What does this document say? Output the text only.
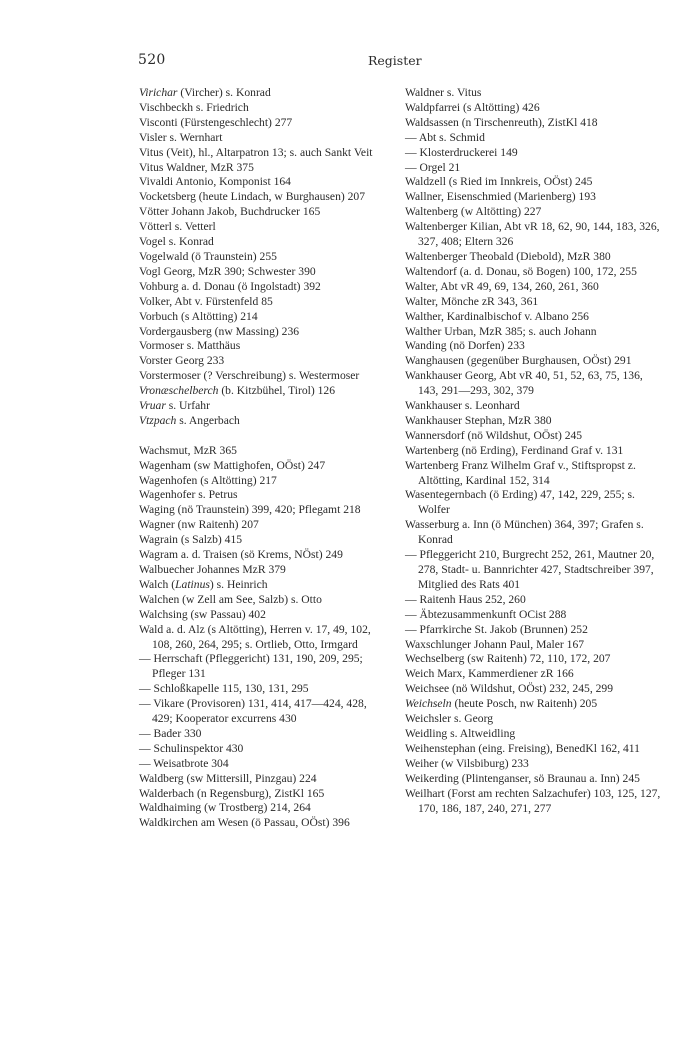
520	Register

Virichar (Vircher) s. Konrad

Vischbeckh s. Friedrich

Visconti (Fürstengeschlecht) 277

Visler s. Wernhart

Vitus (Veit), hl., Altarpatron 13; s. auch Sankt Veit

Vitus Waldner, MzR 375

Vivaldi Antonio, Komponist 164

Vocketsberg (heute Lindach, w Burghausen) 207

Vötter Johann Jakob, Buchdrucker 165

Vötterl s. Vetterl

Vogel s. Konrad

Vogelwald (ö Traunstein) 255

Vogl Georg, MzR 390; Schwester 390

Vohburg a. d. Donau (ö Ingolstadt) 392

Volker, Abt v. Fürstenfeld 85

Vorbuch (s Altötting) 214

Vordergausberg (nw Massing) 236

Vormoser s. Matthäus

Vorster Georg 233

Vorstermoser (? Verschreibung) s. Westermoser

Vronæschelberch (b. Kitzbühel, Tirol) 126

Vruar s. Urfahr

Vtzpach s. Angerbach

Wachsmut, MzR 365

Wagenham (sw Mattighofen, OÖst) 247

Wagenhofen (s Altötting) 217

Wagenhofer s. Petrus

Waging (nö Traunstein) 399, 420; Pflegamt 218

Wagner (nw Raitenh) 207

Wagrain (s Salzb) 415

Wagram a. d. Traisen (sö Krems, NÖst) 249

Walbuecher Johannes MzR 379

Walch (Latinus) s. Heinrich

Walchen (w Zell am See, Salzb) s. Otto

Walchsing (sw Passau) 402

Wald a. d. Alz (s Altötting), Herren v. 17, 49, 102, 108, 260, 264, 295; s. Ortlieb, Otto, Irmgard

— Herrschaft (Pfleggericht) 131, 190, 209, 295; Pfleger 131

— Schloßkapelle 115, 130, 131, 295

— Vikare (Provisoren) 131, 414, 417—424, 428, 429; Kooperator excurrens 430

— Bader 330

— Schulinspektor 430

— Weisatbrote 304

Waldberg (sw Mittersill, Pinzgau) 224

Walderbach (n Regensburg), ZistKl 165

Waldhaiming (w Trostberg) 214, 264

Waldkirchen am Wesen (ö Passau, OÖst) 396

Waldner s. Vitus

Waldpfarrei (s Altötting) 426

Waldsassen (n Tirschenreuth), ZistKl 418

— Abt s. Schmid

— Klosterdruckerei 149

— Orgel 21

Waldzell (s Ried im Innkreis, OÖst) 245

Wallner, Eisenschmied (Marienberg) 193

Waltenberg (w Altötting) 227

Waltenberger Kilian, Abt vR 18, 62, 90, 144, 183, 326, 327, 408; Eltern 326

Waltenberger Theobald (Diebold), MzR 380

Waltendorf (a. d. Donau, sö Bogen) 100, 172, 255

Walter, Abt vR 49, 69, 134, 260, 261, 360

Walter, Mönche zR 343, 361

Walther, Kardinalbischof v. Albano 256

Walther Urban, MzR 385; s. auch Johann

Wanding (nö Dorfen) 233

Wanghausen (gegenüber Burghausen, OÖst) 291

Wankhauser Georg, Abt vR 40, 51, 52, 63, 75, 136, 143, 291—293, 302, 379

Wankhauser s. Leonhard

Wankhauser Stephan, MzR 380

Wannersdorf (nö Wildshut, OÖst) 245

Wartenberg (nö Erding), Ferdinand Graf v. 131

Wartenberg Franz Wilhelm Graf v., Stiftspropst z. Altötting, Kardinal 152, 314

Wasentegernbach (ö Erding) 47, 142, 229, 255; s. Wolfer

Wasserburg a. Inn (ö München) 364, 397; Grafen s. Konrad

— Pfleggericht 210, Burgrecht 252, 261, Mautner 20, 278, Stadt- u. Bannrichter 427, Stadtschreiber 397, Mitglied des Rats 401

— Raitenh Haus 252, 260

— Äbtezusammenkunft OCist 288

— Pfarrkirche St. Jakob (Brunnen) 252

Waxschlunger Johann Paul, Maler 167

Wechselberg (sw Raitenh) 72, 110, 172, 207

Weich Marx, Kammerdiener zR 166

Weichsee (nö Wildshut, OÖst) 232, 245, 299

Weichseln (heute Posch, nw Raitenh) 205

Weichsler s. Georg

Weidling s. Altweidling

Weihenstephan (eing. Freising), BenedKl 162, 411

Weiher (w Vilsbiburg) 233

Weikerding (Plintenganser, sö Braunau a. Inn) 245

Weilhart (Forst am rechten Salzachufer) 103, 125, 127, 170, 186, 187, 240, 271, 277
